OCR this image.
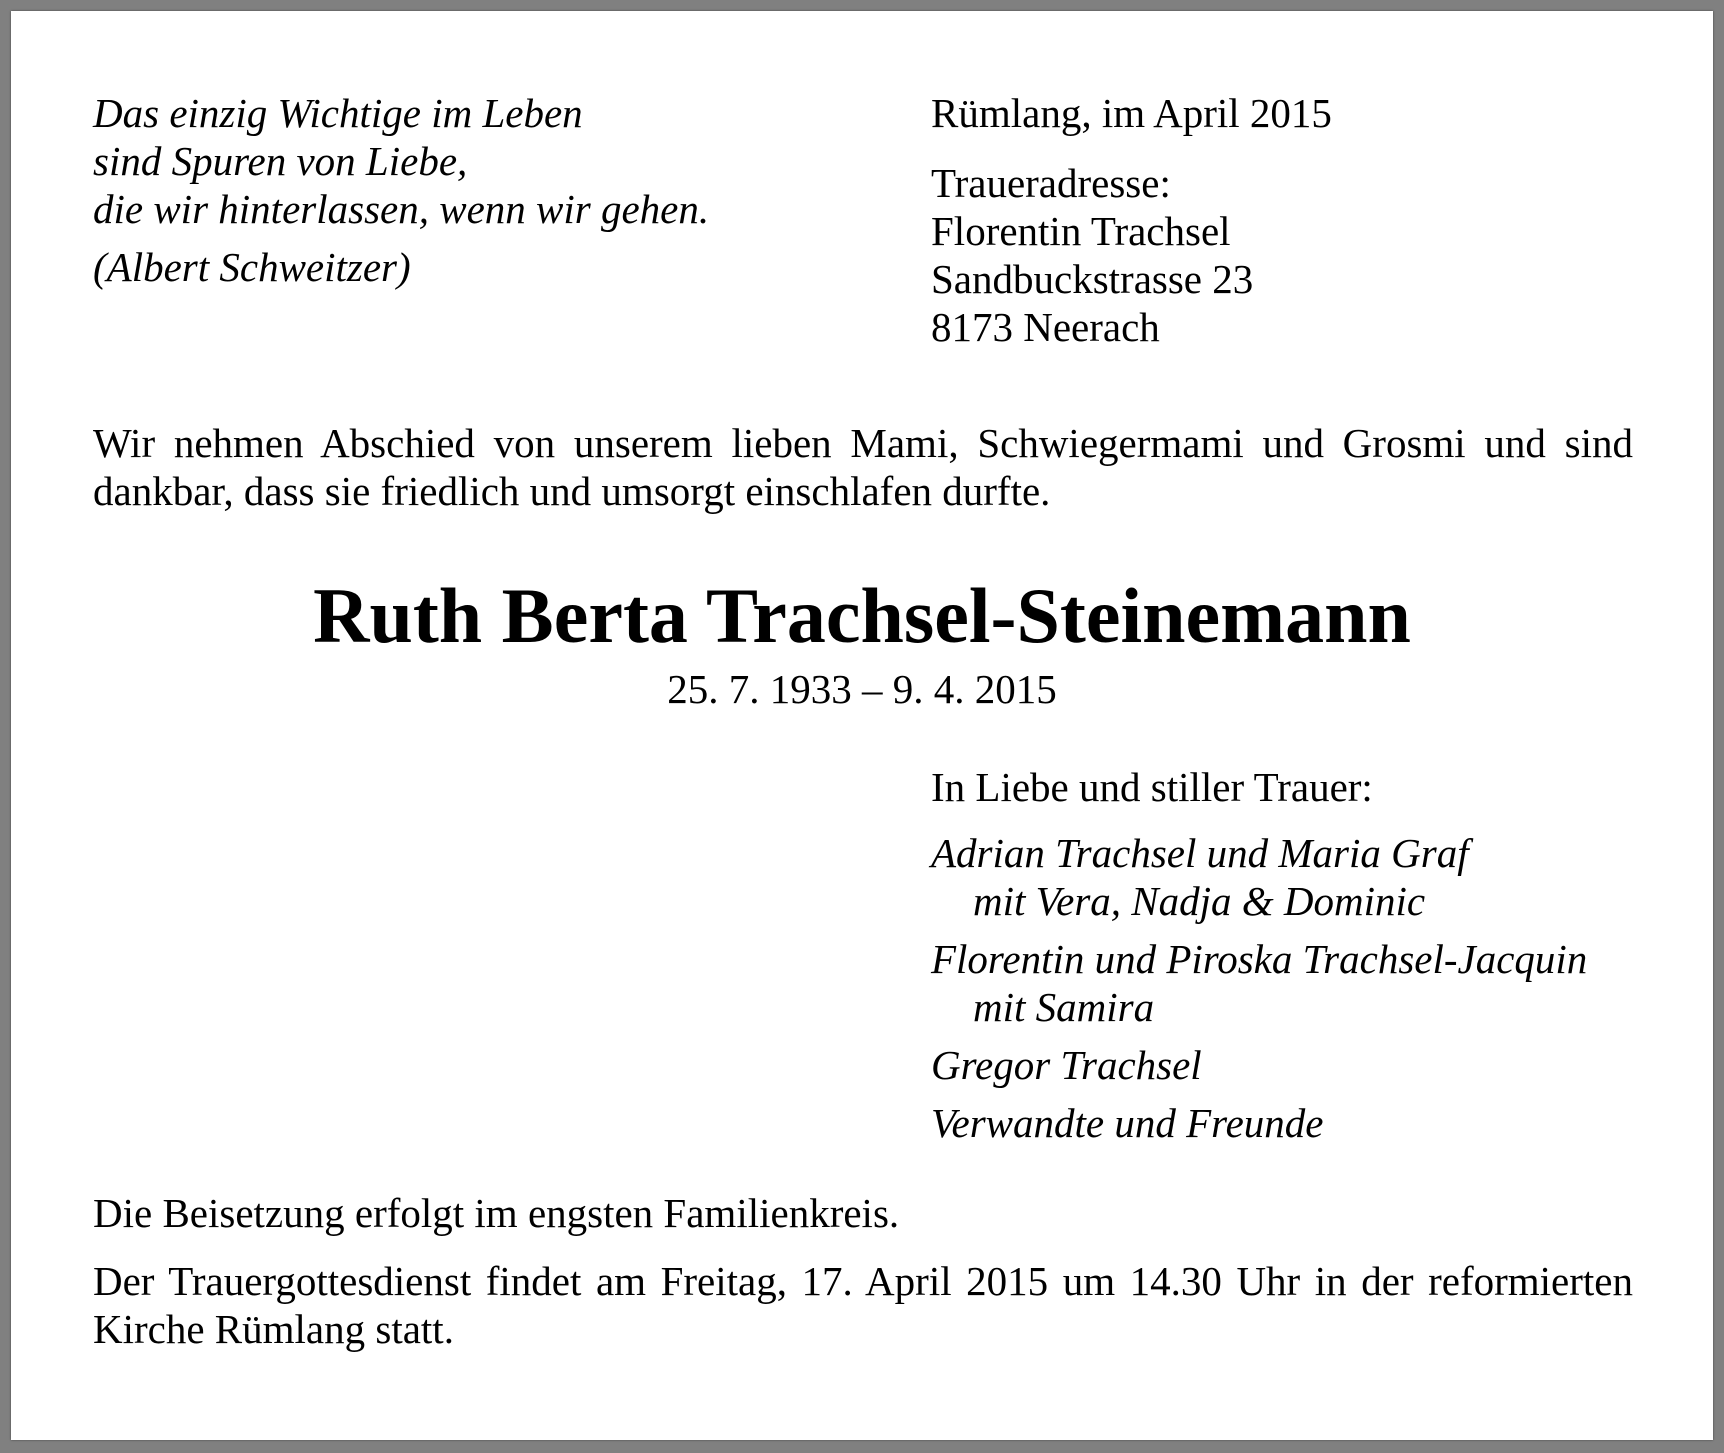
Das einzig Wichtige im Leben
sind Spuren von Liebe,
die wir hinterlassen, wenn wir gehen.
(Albert Schweitzer)
Rümlang, im April 2015
Traueradresse:
Florentin Trachsel
Sandbuckstrasse 23
8173 Neerach
Wir nehmen Abschied von unserem lieben Mami, Schwiegermami und Grosmi und sind dankbar, dass sie friedlich und umsorgt einschlafen durfte.
Ruth Berta Trachsel-Steinemann
25. 7. 1933 – 9. 4. 2015
In Liebe und stiller Trauer:
Adrian Trachsel und Maria Graf
mit Vera, Nadja & Dominic
Florentin und Piroska Trachsel-Jacquin
mit Samira
Gregor Trachsel
Verwandte und Freunde
Die Beisetzung erfolgt im engsten Familienkreis.
Der Trauergottesdienst findet am Freitag, 17. April 2015 um 14.30 Uhr in der reformierten Kirche Rümlang statt.
